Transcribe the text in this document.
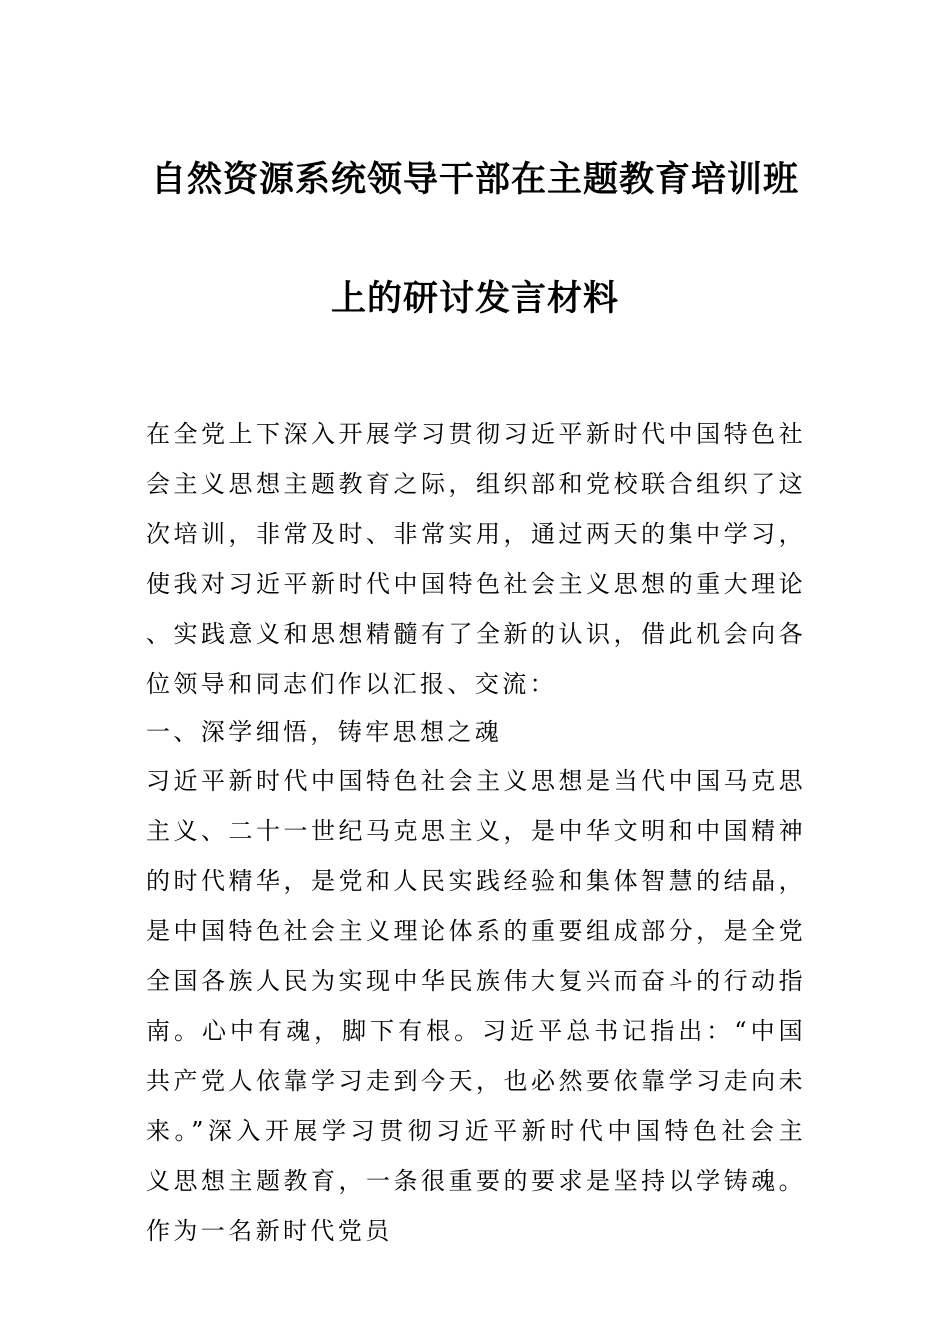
自然资源系统领导干部在主题教育培训班
上的研讨发言材料

在全党上下深入开展学习贯彻习近平新时代中国特色社会主义思想主题教育之际，组织部和党校联合组织了这次培训，非常及时、非常实用，通过两天的集中学习，使我对习近平新时代中国特色社会主义思想的重大理论、实践意义和思想精髓有了全新的认识，借此机会向各位领导和同志们作以汇报、交流：

一、深学细悟，铸牢思想之魂

习近平新时代中国特色社会主义思想是当代中国马克思主义、二十一世纪马克思主义，是中华文明和中国精神的时代精华，是党和人民实践经验和集体智慧的结晶，是中国特色社会主义理论体系的重要组成部分，是全党全国各族人民为实现中华民族伟大复兴而奋斗的行动指南。心中有魂，脚下有根。习近平总书记指出：“中国共产党人依靠学习走到今天，也必然要依靠学习走向未来。”深入开展学习贯彻习近平新时代中国特色社会主义思想主题教育，一条很重要的要求是坚持以学铸魂。作为一名新时代党员
